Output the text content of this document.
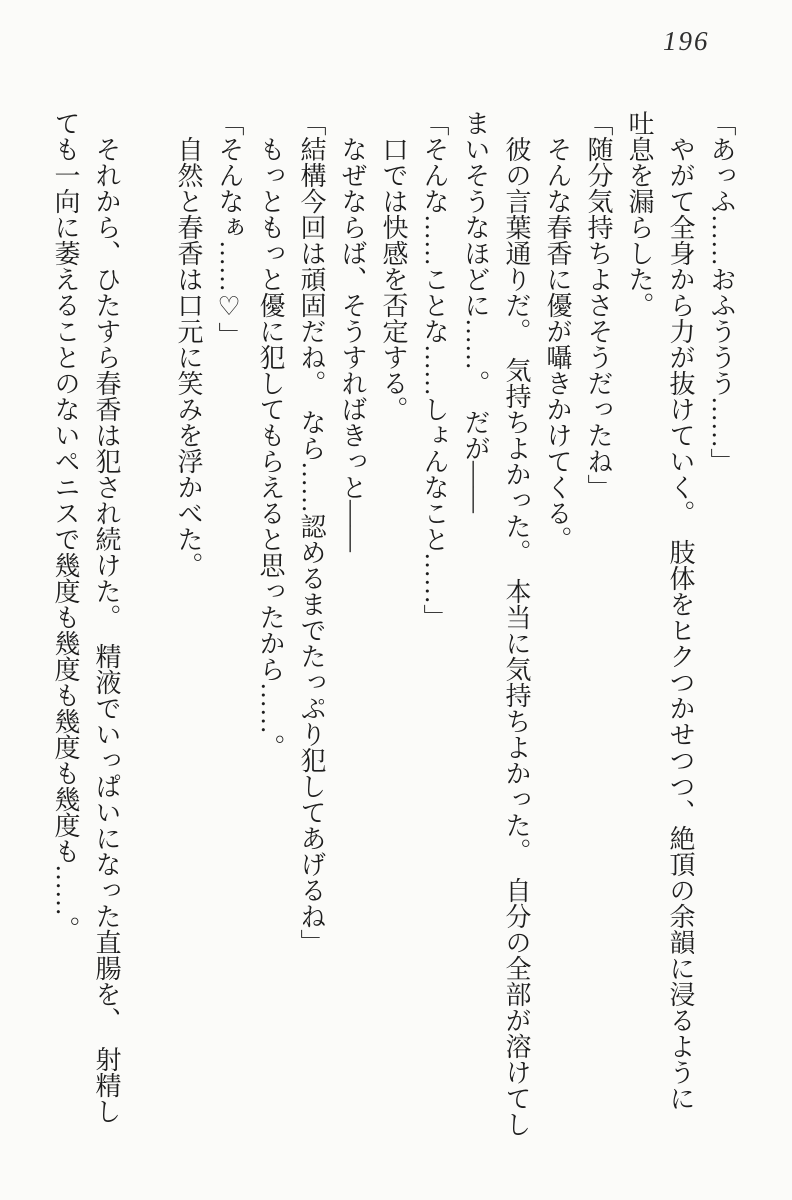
196
「あっふ……おふううう……」
　やがて全身から力が抜けていく。　肢体をヒクつかせつつ、絶頂の余韻に浸るように
吐息を漏らした。
「随分気持ちよさそうだったね」
　そんな春香に優が囁きかけてくる。
　彼の言葉通りだ。　気持ちよかった。　本当に気持ちよかった。　自分の全部が溶けてし
まいそうなほどに……。　だが――
「そんな……ことな……しょんなこと……」
　口では快感を否定する。
　なぜならば、そうすればきっと――
「結構今回は頑固だね。　なら……認めるまでたっぷり犯してあげるね」
　もっともっと優に犯してもらえると思ったから……。
「そんなぁ……♡」
　自然と春香は口元に笑みを浮かべた。

　それから、ひたすら春香は犯され続けた。　精液でいっぱいになった直腸を、　射精し
ても一向に萎えることのないペニスで幾度も幾度も幾度も幾度も……。
